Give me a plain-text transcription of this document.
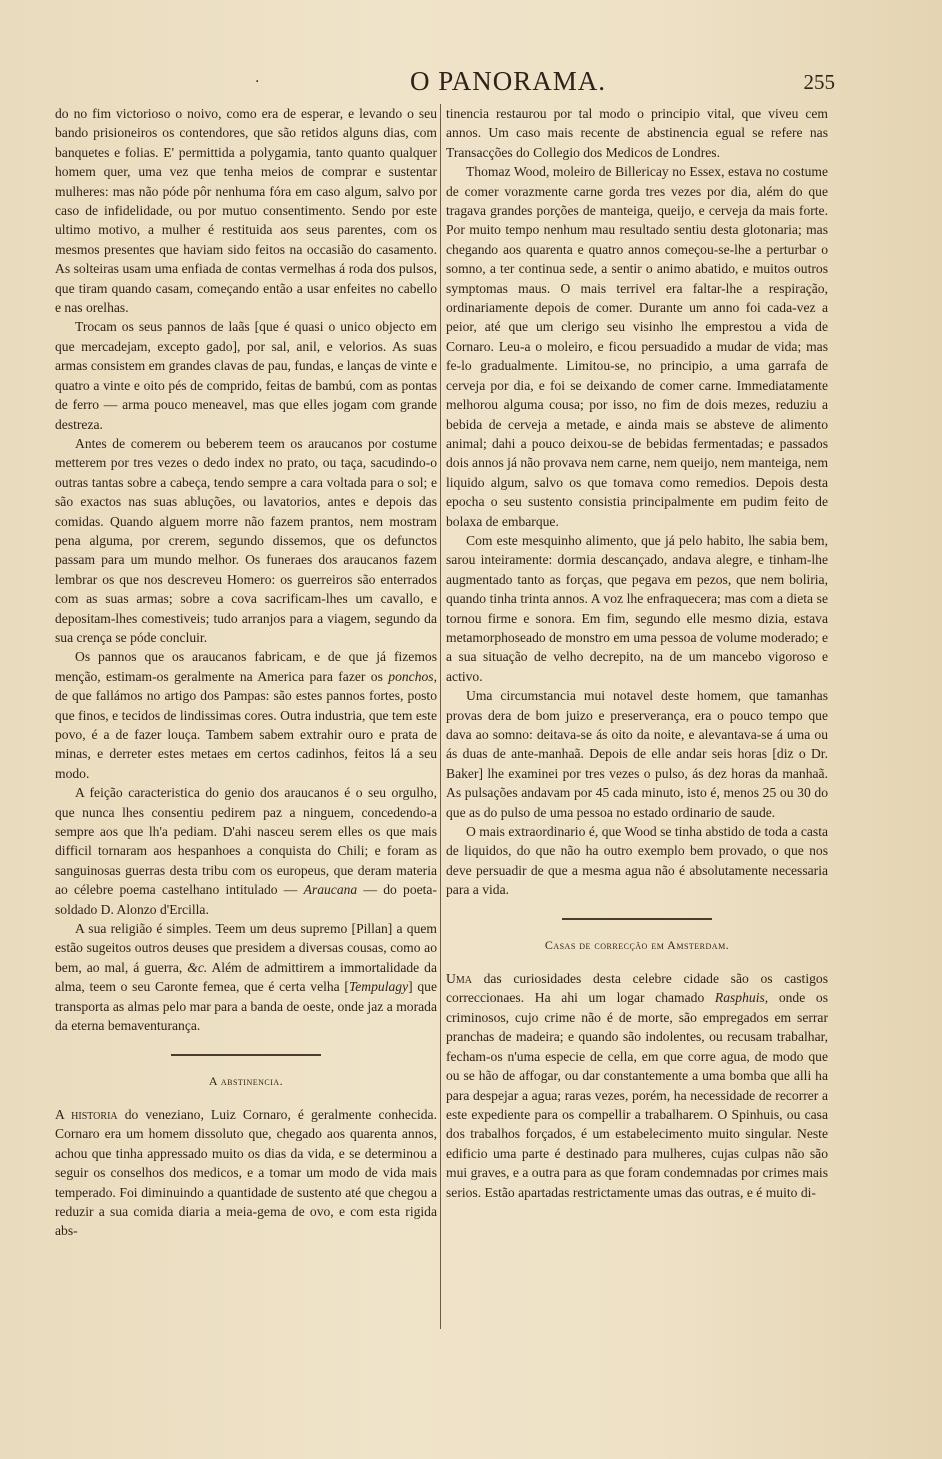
·	O PANORAMA.	255

do no fim victorioso o noivo, como era de esperar, e levando o seu bando prisioneiros os contendores, que são retidos alguns dias, com banquetes e folias. E' permittida a polygamia, tanto quanto qualquer homem quer, uma vez que tenha meios de comprar e sustentar mulheres: mas não póde pôr nenhuma fóra em caso algum, salvo por caso de infidelidade, ou por mutuo consentimento. Sendo por este ultimo motivo, a mulher é restituida aos seus parentes, com os mesmos presentes que haviam sido feitos na occasião do casamento. As solteiras usam uma enfiada de contas vermelhas á roda dos pulsos, que tiram quando casam, começando então a usar enfeites no cabello e nas orelhas.

Trocam os seus pannos de laãs [que é quasi o unico objecto em que mercadejam, excepto gado], por sal, anil, e velorios. As suas armas consistem em grandes clavas de pau, fundas, e lanças de vinte e quatro a vinte e oito pés de comprido, feitas de bambú, com as pontas de ferro — arma pouco meneavel, mas que elles jogam com grande destreza.

Antes de comerem ou beberem teem os araucanos por costume metterem por tres vezes o dedo index no prato, ou taça, sacudindo-o outras tantas sobre a cabeça, tendo sempre a cara voltada para o sol; e são exactos nas suas abluções, ou lavatorios, antes e depois das comidas. Quando alguem morre não fazem prantos, nem mostram pena alguma, por crerem, segundo dissemos, que os defunctos passam para um mundo melhor. Os funeraes dos araucanos fazem lembrar os que nos descreveu Homero: os guerreiros são enterrados com as suas armas; sobre a cova sacrificam-lhes um cavallo, e depositam-lhes comestiveis; tudo arranjos para a viagem, segundo da sua crença se póde concluir.

Os pannos que os araucanos fabricam, e de que já fizemos menção, estimam-os geralmente na America para fazer os ponchos, de que fallámos no artigo dos Pampas: são estes pannos fortes, posto que finos, e tecidos de lindissimas cores. Outra industria, que tem este povo, é a de fazer louça. Tambem sabem extrahir ouro e prata de minas, e derreter estes metaes em certos cadinhos, feitos lá a seu modo.

A feição caracteristica do genio dos araucanos é o seu orgulho, que nunca lhes consentiu pedirem paz a ninguem, concedendo-a sempre aos que lh'a pediam. D'ahi nasceu serem elles os que mais difficil tornaram aos hespanhoes a conquista do Chili; e foram as sanguinosas guerras desta tribu com os europeus, que deram materia ao célebre poema castelhano intitulado — Araucana — do poeta-soldado D. Alonzo d'Ercilla.

A sua religião é simples. Teem um deus supremo [Pillan] a quem estão sugeitos outros deuses que presidem a diversas cousas, como ao bem, ao mal, á guerra, &c. Além de admittirem a immortalidade da alma, teem o seu Caronte femea, que é certa velha [Tempulagy] que transporta as almas pelo mar para a banda de oeste, onde jaz a morada da eterna bemaventurança.

A abstinencia.

A historia do veneziano, Luiz Cornaro, é geralmente conhecida. Cornaro era um homem dissoluto que, chegado aos quarenta annos, achou que tinha appressado muito os dias da vida, e se determinou a seguir os conselhos dos medicos, e a tomar um modo de vida mais temperado. Foi diminuindo a quantidade de sustento até que chegou a reduzir a sua comida diaria a meia-gema de ovo, e com esta rigida abs-

tinencia restaurou por tal modo o principio vital, que viveu cem annos. Um caso mais recente de abstinencia egual se refere nas Transacções do Collegio dos Medicos de Londres.

Thomaz Wood, moleiro de Billericay no Essex, estava no costume de comer vorazmente carne gorda tres vezes por dia, além do que tragava grandes porções de manteiga, queijo, e cerveja da mais forte. Por muito tempo nenhum mau resultado sentiu desta glotonaria; mas chegando aos quarenta e quatro annos começou-se-lhe a perturbar o somno, a ter continua sede, a sentir o animo abatido, e muitos outros symptomas maus. O mais terrivel era faltar-lhe a respiração, ordinariamente depois de comer. Durante um anno foi cada-vez a peior, até que um clerigo seu visinho lhe emprestou a vida de Cornaro. Leu-a o moleiro, e ficou persuadido a mudar de vida; mas fe-lo gradualmente. Limitou-se, no principio, a uma garrafa de cerveja por dia, e foi se deixando de comer carne. Immediatamente melhorou alguma cousa; por isso, no fim de dois mezes, reduziu a bebida de cerveja a metade, e ainda mais se absteve de alimento animal; dahi a pouco deixou-se de bebidas fermentadas; e passados dois annos já não provava nem carne, nem queijo, nem manteiga, nem liquido algum, salvo os que tomava como remedios. Depois desta epocha o seu sustento consistia principalmente em pudim feito de bolaxa de embarque.

Com este mesquinho alimento, que já pelo habito, lhe sabia bem, sarou inteiramente: dormia descançado, andava alegre, e tinham-lhe augmentado tanto as forças, que pegava em pezos, que nem boliria, quando tinha trinta annos. A voz lhe enfraquecera; mas com a dieta se tornou firme e sonora. Em fim, segundo elle mesmo dizia, estava metamorphoseado de monstro em uma pessoa de volume moderado; e a sua situação de velho decrepito, na de um mancebo vigoroso e activo.

Uma circumstancia mui notavel deste homem, que tamanhas provas dera de bom juizo e preserverança, era o pouco tempo que dava ao somno: deitava-se ás oito da noite, e alevantava-se á uma ou ás duas de ante-manhaã. Depois de elle andar seis horas [diz o Dr. Baker] lhe examinei por tres vezes o pulso, ás dez horas da manhaã. As pulsações andavam por 45 cada minuto, isto é, menos 25 ou 30 do que as do pulso de uma pessoa no estado ordinario de saude.

O mais extraordinario é, que Wood se tinha abstido de toda a casta de liquidos, do que não ha outro exemplo bem provado, o que nos deve persuadir de que a mesma agua não é absolutamente necessaria para a vida.

Casas de correcção em Amsterdam.

Uma das curiosidades desta celebre cidade são os castigos correccionaes. Ha ahi um logar chamado Rasphuis, onde os criminosos, cujo crime não é de morte, são empregados em serrar pranchas de madeira; e quando são indolentes, ou recusam trabalhar, fecham-os n'uma especie de cella, em que corre agua, de modo que ou se hão de affogar, ou dar constantemente a uma bomba que alli ha para despejar a agua; raras vezes, porém, ha necessidade de recorrer a este expediente para os compellir a trabalharem. O Spinhuis, ou casa dos trabalhos forçados, é um estabelecimento muito singular. Neste edificio uma parte é destinado para mulheres, cujas culpas não são mui graves, e a outra para as que foram condemnadas por crimes mais serios. Estão apartadas restrictamente umas das outras, e é muito di-
